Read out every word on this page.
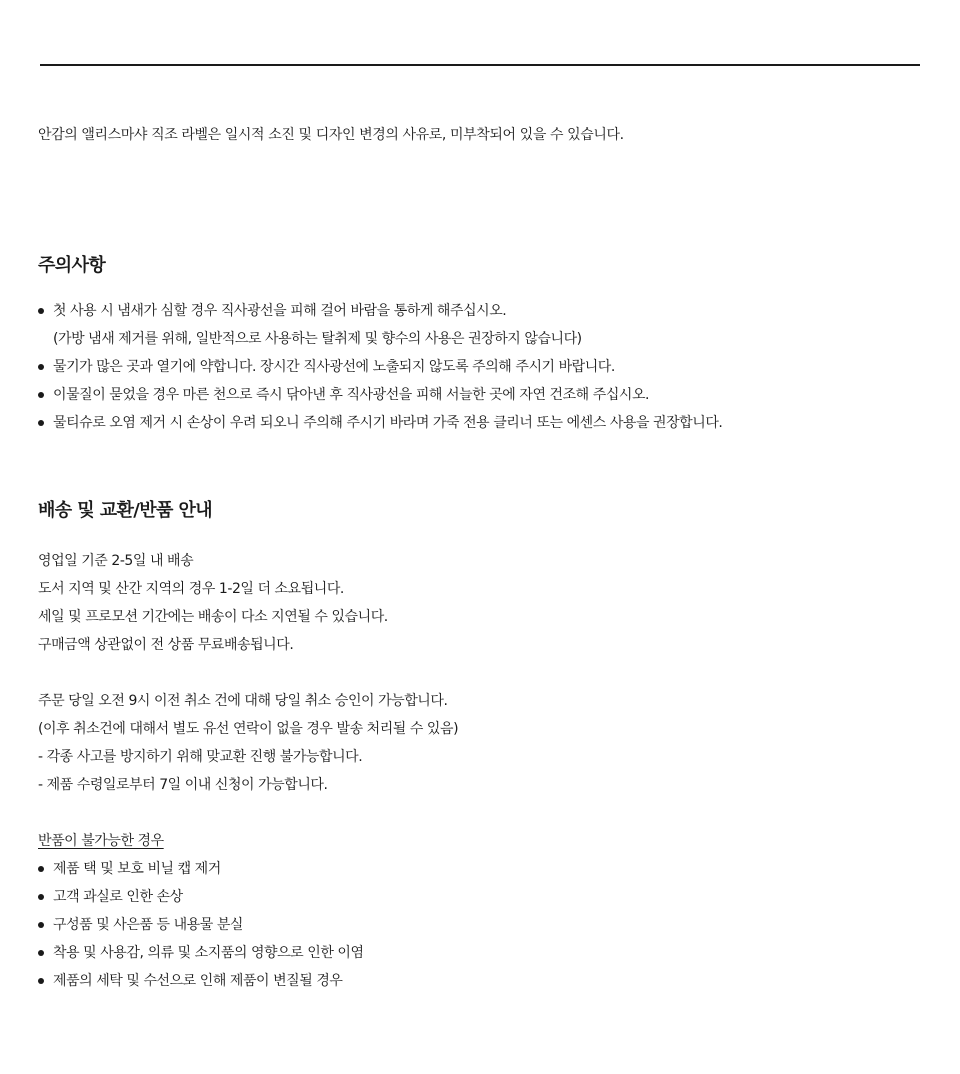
안감의 앨리스마샤 직조 라벨은 일시적 소진 및 디자인 변경의 사유로, 미부착되어 있을 수 있습니다.
주의사항
첫 사용 시 냄새가 심할 경우 직사광선을 피해 걸어 바람을 통하게 해주십시오.
(가방 냄새 제거를 위해, 일반적으로 사용하는 탈취제 및 향수의 사용은 권장하지 않습니다)
물기가 많은 곳과 열기에 약합니다. 장시간 직사광선에 노출되지 않도록 주의해 주시기 바랍니다.
이물질이 묻었을 경우 마른 천으로 즉시 닦아낸 후 직사광선을 피해 서늘한 곳에 자연 건조해 주십시오.
물티슈로 오염 제거 시 손상이 우려 되오니 주의해 주시기 바라며 가죽 전용 클리너 또는 에센스 사용을 권장합니다.
배송 및 교환/반품 안내
영업일 기준 2-5일 내 배송
도서 지역 및 산간 지역의 경우 1-2일 더 소요됩니다.
세일 및 프로모션 기간에는 배송이 다소 지연될 수 있습니다.
구매금액 상관없이 전 상품 무료배송됩니다.
주문 당일 오전 9시 이전 취소 건에 대해 당일 취소 승인이 가능합니다.
(이후 취소건에 대해서 별도 유선 연락이 없을 경우 발송 처리될 수 있음)
- 각종 사고를 방지하기 위해 맞교환 진행 불가능합니다.
- 제품 수령일로부터 7일 이내 신청이 가능합니다.
반품이 불가능한 경우
제품 택 및 보호 비닐 캡 제거
고객 과실로 인한 손상
구성품 및 사은품 등 내용물 분실
착용 및 사용감, 의류 및 소지품의 영향으로 인한 이염
제품의 세탁 및 수선으로 인해 제품이 변질될 경우
